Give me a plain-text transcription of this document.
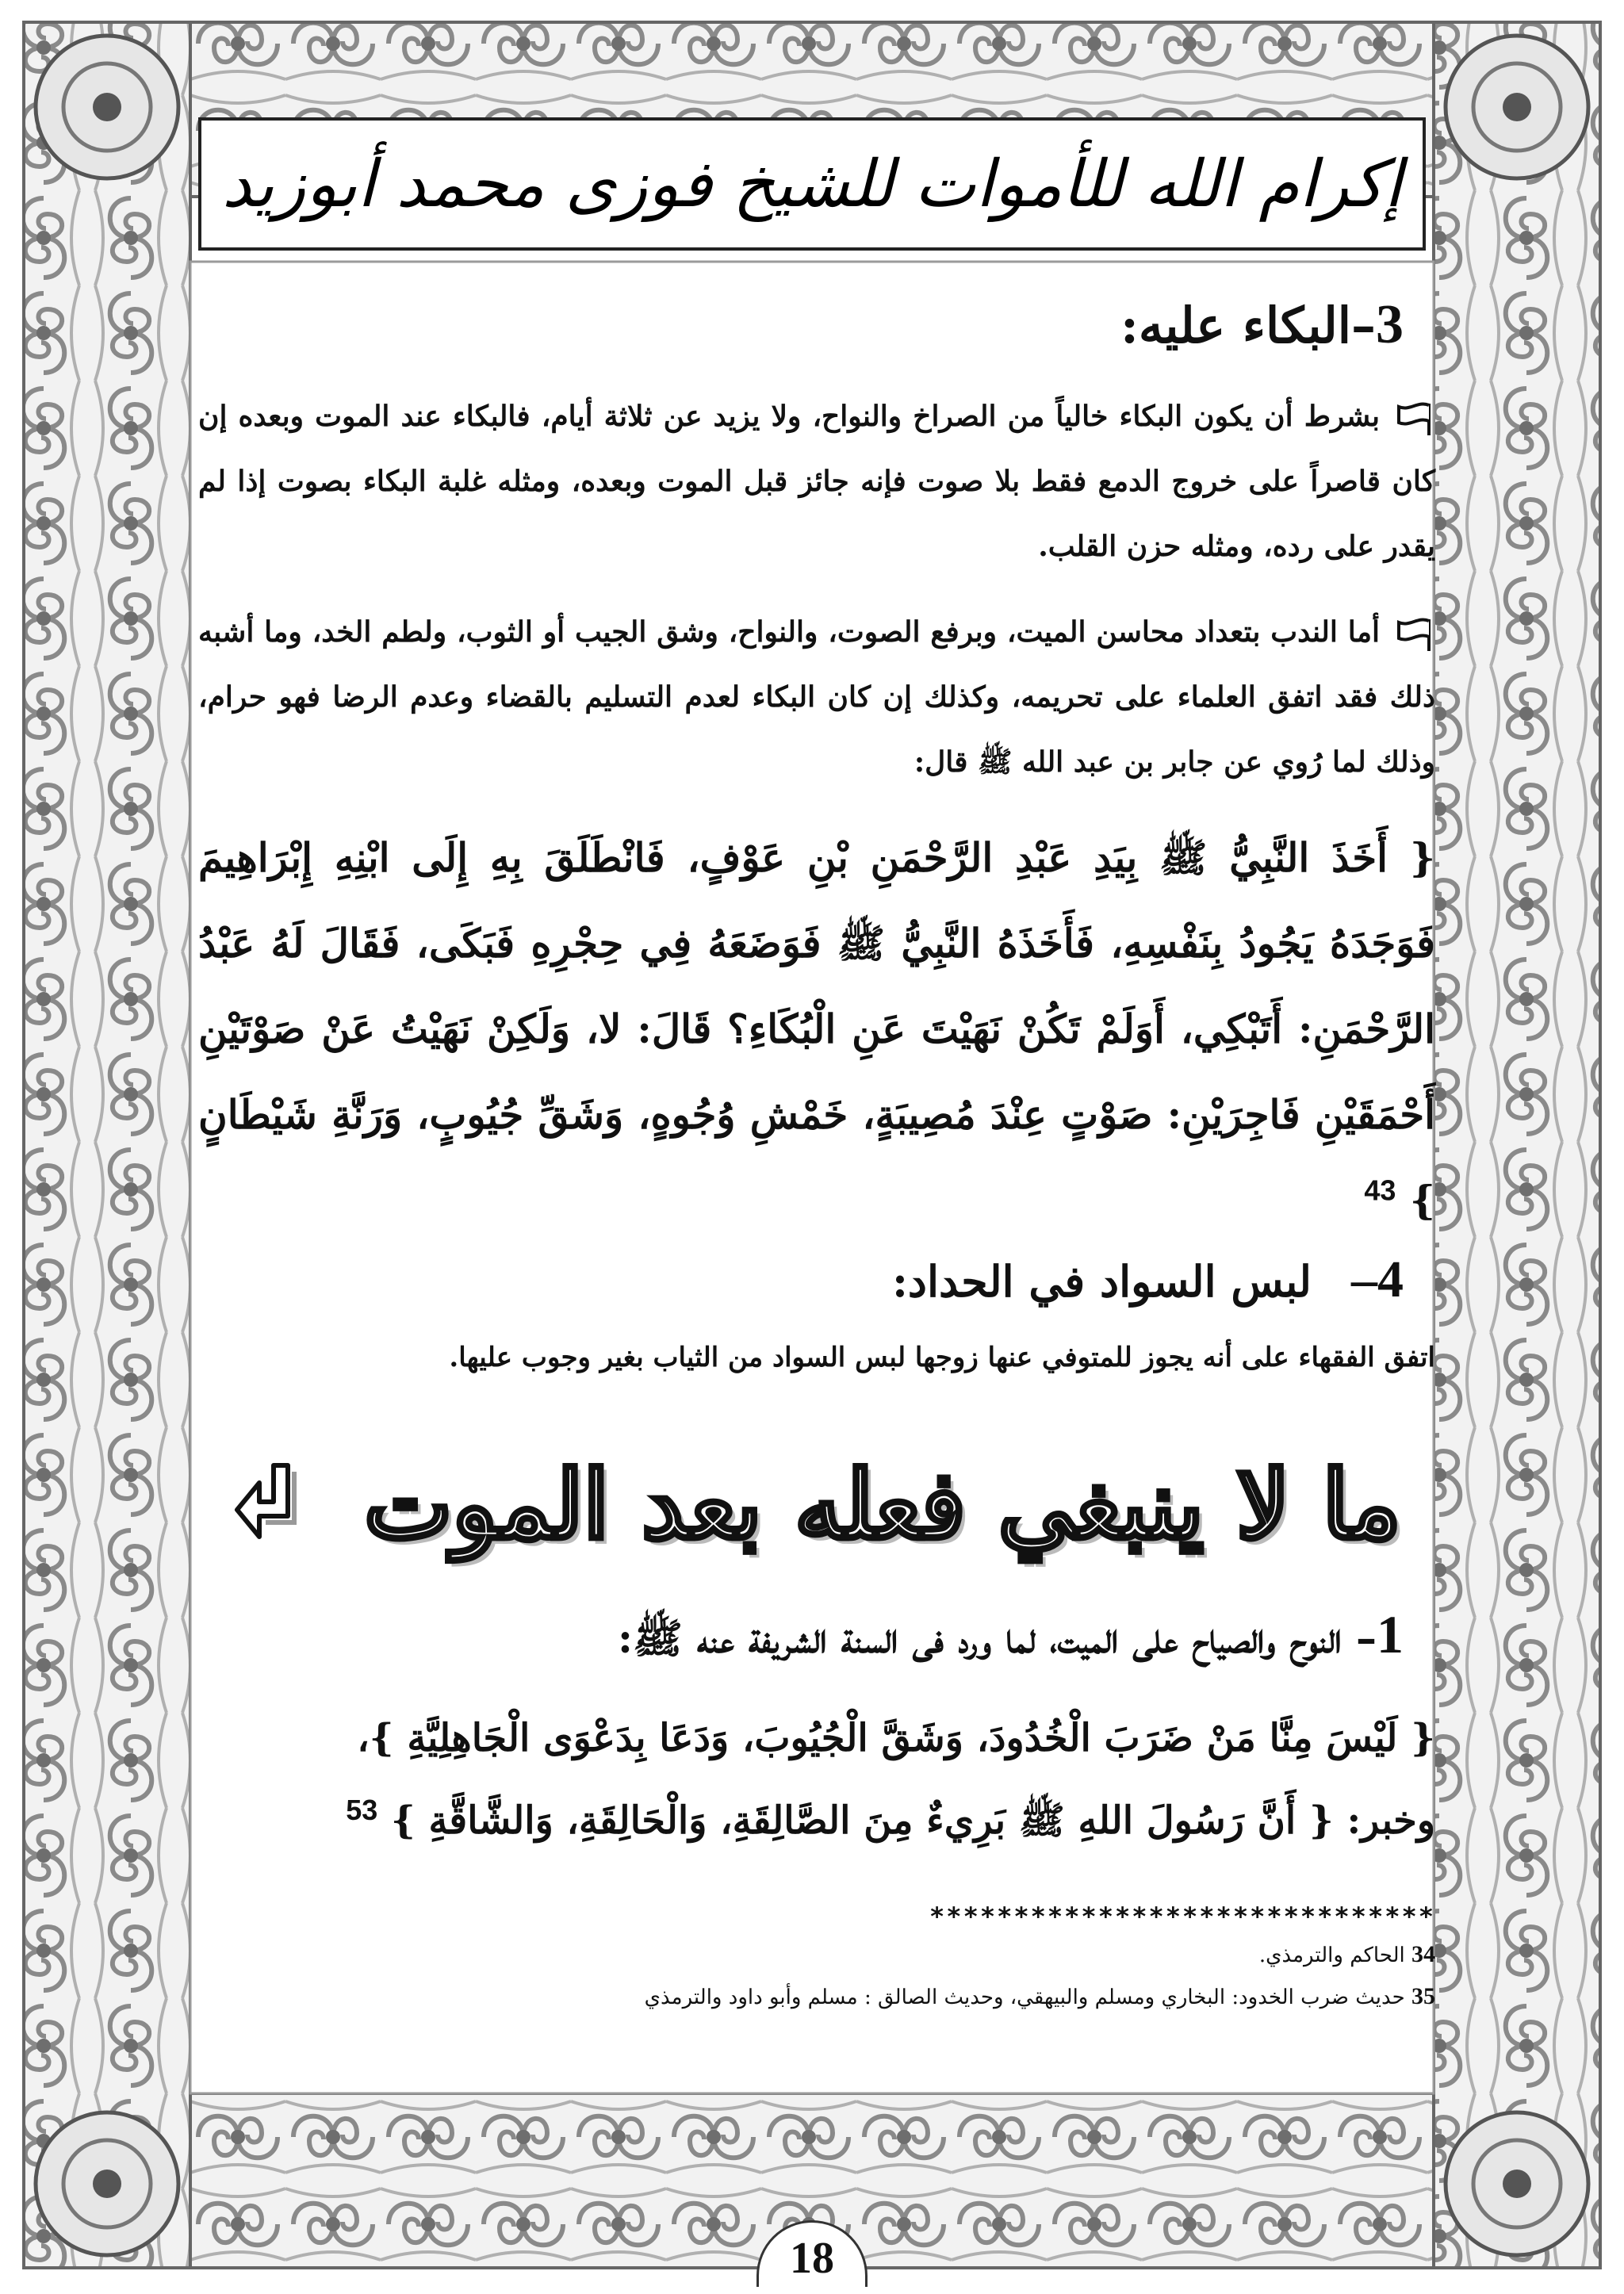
إكرام الله للأموات للشيخ فوزى محمد أبوزيد
3–البكاء عليه:

بشرط أن يكون البكاء خالياً من الصراخ والنواح، ولا يزيد عن ثلاثة أيام، فالبكاء عند الموت وبعده إن كان قاصراً على خروج الدمع فقط بلا صوت فإنه جائز قبل الموت وبعده، ومثله غلبة البكاء بصوت إذا لم يقدر على رده، ومثله حزن القلب.

أما الندب بتعداد محاسن الميت، وبرفع الصوت، والنواح، وشق الجيب أو الثوب، ولطم الخد، وما أشبه ذلك فقد اتفق العلماء على تحريمه، وكذلك إن كان البكاء لعدم التسليم بالقضاء وعدم الرضا فهو حرام، وذلك لما رُوي عن جابر بن عبد الله ﷺ قال:

{ أَخَذَ النَّبِيُّ ﷺ بِيَدِ عَبْدِ الرَّحْمَنِ بْنِ عَوْفٍ، فَانْطَلَقَ بِهِ إِلَى ابْنِهِ إِبْرَاهِيمَ فَوَجَدَهُ يَجُودُ بِنَفْسِهِ، فَأَخَذَهُ النَّبِيُّ ﷺ فَوَضَعَهُ فِي حِجْرِهِ فَبَكَى، فَقَالَ لَهُ عَبْدُ الرَّحْمَنِ: أَتَبْكِي، أَوَلَمْ تَكُنْ نَهَيْتَ عَنِ الْبُكَاءِ؟ قَالَ: لا، وَلَكِنْ نَهَيْتُ عَنْ صَوْتَيْنِ أَحْمَقَيْنِ فَاجِرَيْنِ: صَوْتٍ عِنْدَ مُصِيبَةٍ، خَمْشِ وُجُوهٍ، وَشَقِّ جُيُوبٍ، وَرَنَّةِ شَيْطَانٍ } $^{43}$

4–لبس السواد في الحداد:

اتفق الفقهاء على أنه يجوز للمتوفي عنها زوجها لبس السواد من الثياب بغير وجوب عليها.

ما لا ينبغي فعله بعد الموت
1– النوح والصياح على الميت، لما ورد فى السنة الشريفة عنه ﷺ:
{ لَيْسَ مِنَّا مَنْ ضَرَبَ الْخُدُودَ، وَشَقَّ الْجُيُوبَ، وَدَعَا بِدَعْوَى الْجَاهِلِيَّةِ }،
وخبر: { أَنَّ رَسُولَ اللهِ ﷺ بَرِيءٌ مِنَ الصَّالِقَةِ، وَالْحَالِقَةِ، وَالشَّاقَّةِ } $^{53}$
******************************
34 الحاكم والترمذي.
35 حديث ضرب الخدود: البخاري ومسلم والبيهقي، وحديث الصالق : مسلم وأبو داود والترمذي
18
